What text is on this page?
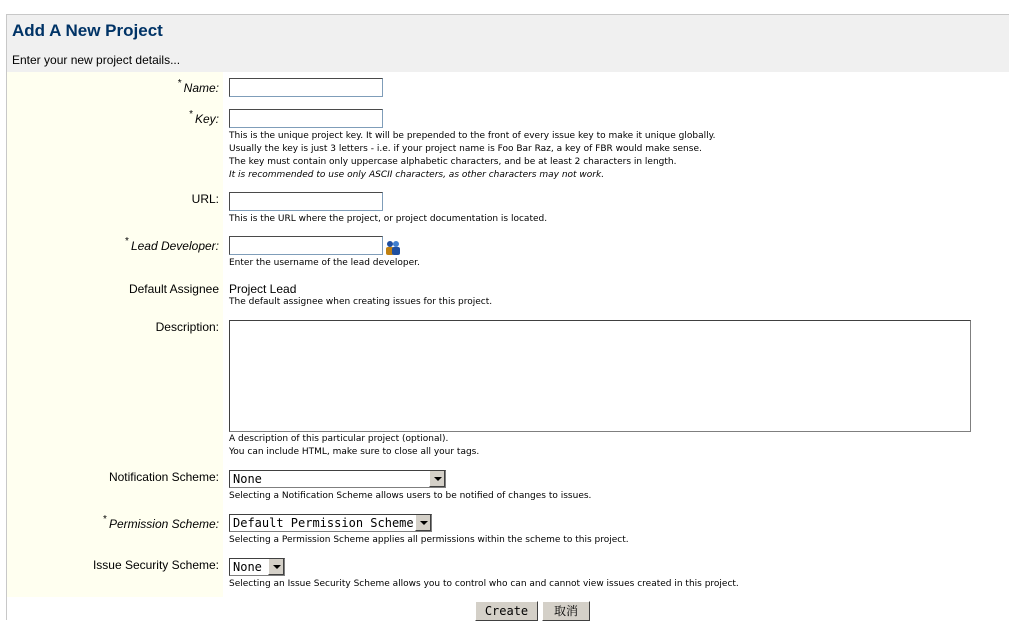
Add A New Project
Enter your new project details...
* Name:
* Key:
This is the unique project key. It will be prepended to the front of every issue key to make it unique globally.
Usually the key is just 3 letters - i.e. if your project name is Foo Bar Raz, a key of FBR would make sense.
The key must contain only uppercase alphabetic characters, and be at least 2 characters in length.
It is recommended to use only ASCII characters, as other characters may not work.
URL:
This is the URL where the project, or project documentation is located.
* Lead Developer:
Enter the username of the lead developer.
Default Assignee Project Lead
The default assignee when creating issues for this project.
Description:
A description of this particular project (optional).
You can include HTML, make sure to close all your tags.
Notification Scheme: None
Selecting a Notification Scheme allows users to be notified of changes to issues.
* Permission Scheme: Default Permission Scheme
Selecting a Permission Scheme applies all permissions within the scheme to this project.
Issue Security Scheme: None
Selecting an Issue Security Scheme allows you to control who can and cannot view issues created in this project.
Create	取消
